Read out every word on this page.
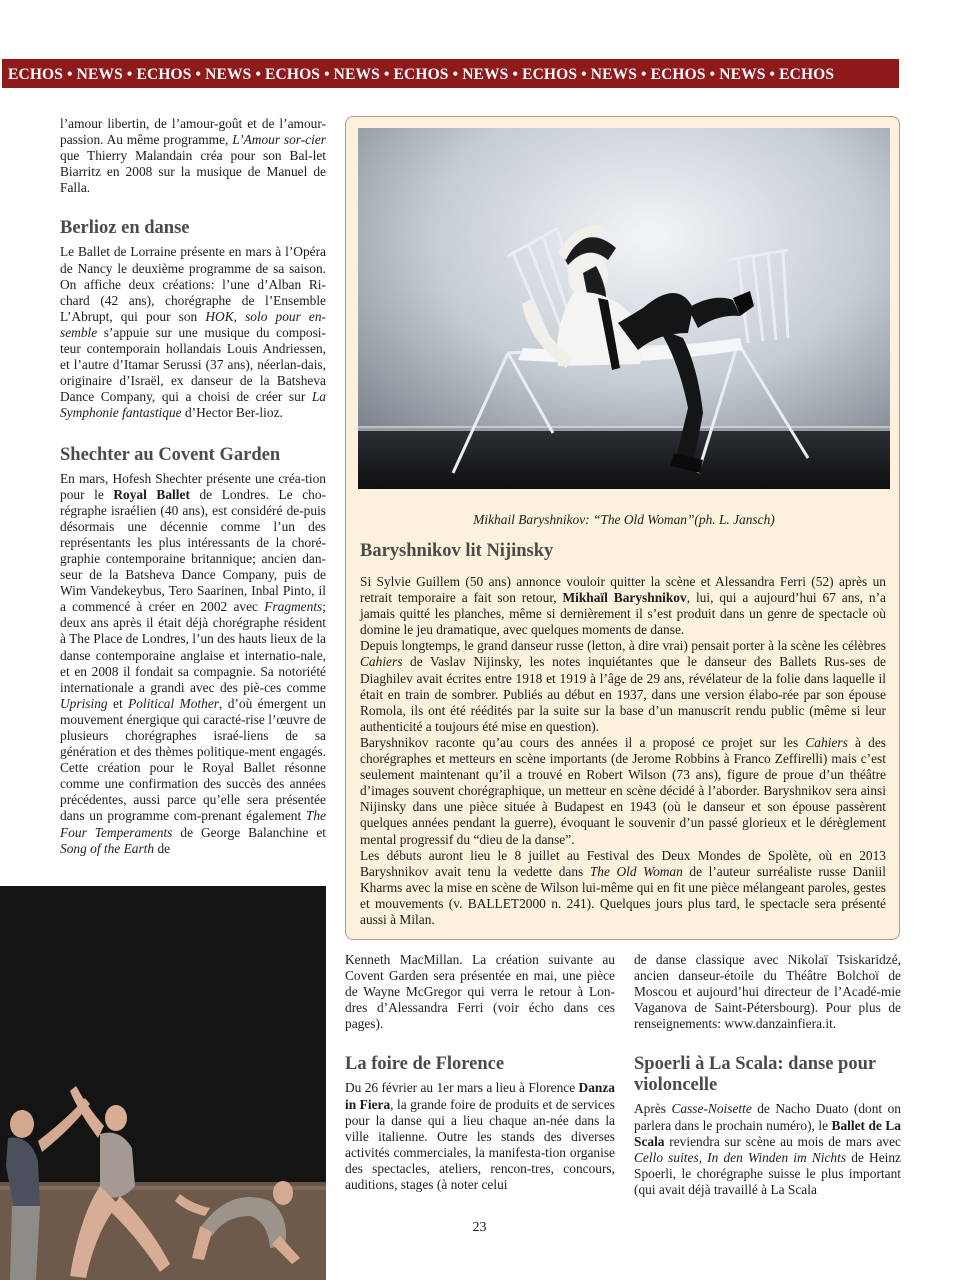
ECHOS • NEWS • ECHOS • NEWS • ECHOS • NEWS • ECHOS • NEWS • ECHOS • NEWS • ECHOS • NEWS • ECHOS

l’amour libertin, de l’amour-goût et de l’amour-passion. Au même programme, L’Amour sor-cier que Thierry Malandain créa pour son Bal-let Biarritz en 2008 sur la musique de Manuel de Falla.

Berlioz en danse

Le Ballet de Lorraine présente en mars à l’Opéra de Nancy le deuxième programme de sa saison. On affiche deux créations: l’une d’Alban Ri-chard (42 ans), chorégraphe de l’Ensemble L’Abrupt, qui pour son HOK, solo pour en-semble s’appuie sur une musique du composi-teur contemporain hollandais Louis Andriessen, et l’autre d’Itamar Serussi (37 ans), néerlan-dais, originaire d’Israël, ex danseur de la Batsheva Dance Company, qui a choisi de créer sur La Symphonie fantastique d’Hector Ber-lioz.

Shechter au Covent Garden

En mars, Hofesh Shechter présente une créa-tion pour le Royal Ballet de Londres. Le cho-régraphe israélien (40 ans), est considéré de-puis désormais une décennie comme l’un des représentants les plus intéressants de la choré-graphie contemporaine britannique; ancien dan-seur de la Batsheva Dance Company, puis de Wim Vandekeybus, Tero Saarinen, Inbal Pinto, il a commencé à créer en 2002 avec Fragments; deux ans après il était déjà chorégraphe résident à The Place de Londres, l’un des hauts lieux de la danse contemporaine anglaise et internatio-nale, et en 2008 il fondait sa compagnie. Sa notoriété internationale a grandi avec des piè-ces comme Uprising et Political Mother, d’où émergent un mouvement énergique qui caracté-rise l’œuvre de plusieurs chorégraphes israé-liens de sa génération et des thèmes politique-ment engagés. Cette création pour le Royal Ballet résonne comme une confirmation des succès des années précédentes, aussi parce qu’elle sera présentée dans un programme com-prenant également The Four Temperaments de George Balanchine et Song of the Earth de

Mikhail Baryshnikov: “The Old Woman”(ph. L. Jansch)
Baryshnikov lit Nijinsky

Si Sylvie Guillem (50 ans) annonce vouloir quitter la scène et Alessandra Ferri (52) après un retrait temporaire a fait son retour, Mikhaïl Baryshnikov, lui, qui a aujourd’hui 67 ans, n’a jamais quitté les planches, même si dernièrement il s’est produit dans un genre de spectacle où domine le jeu dramatique, avec quelques moments de danse.

Depuis longtemps, le grand danseur russe (letton, à dire vrai) pensait porter à la scène les célèbres Cahiers de Vaslav Nijinsky, les notes inquiétantes que le danseur des Ballets Rus-ses de Diaghilev avait écrites entre 1918 et 1919 à l’âge de 29 ans, révélateur de la folie dans laquelle il était en train de sombrer. Publiés au début en 1937, dans une version élabo-rée par son épouse Romola, ils ont été réédités par la suite sur la base d’un manuscrit rendu public (même si leur authenticité a toujours été mise en question).

Baryshnikov raconte qu’au cours des années il a proposé ce projet sur les Cahiers à des chorégraphes et metteurs en scène importants (de Jerome Robbins à Franco Zeffirelli) mais c’est seulement maintenant qu’il a trouvé en Robert Wilson (73 ans), figure de proue d’un théâtre d’images souvent chorégraphique, un metteur en scène décidé à l’aborder. Baryshnikov sera ainsi Nijinsky dans une pièce située à Budapest en 1943 (où le danseur et son épouse passèrent quelques années pendant la guerre), évoquant le souvenir d’un passé glorieux et le dérèglement mental progressif du “dieu de la danse”.

Les débuts auront lieu le 8 juillet au Festival des Deux Mondes de Spolète, où en 2013 Baryshnikov avait tenu la vedette dans The Old Woman de l’auteur surréaliste russe Daniil Kharms avec la mise en scène de Wilson lui-même qui en fit une pièce mélangeant paroles, gestes et mouvements (v. BALLET2000 n. 241). Quelques jours plus tard, le spectacle sera présenté aussi à Milan.

Kenneth MacMillan. La création suivante au Covent Garden sera présentée en mai, une pièce de Wayne McGregor qui verra le retour à Lon-dres d’Alessandra Ferri (voir écho dans ces pages).

La foire de Florence

Du 26 février au 1er mars a lieu à Florence Danza in Fiera, la grande foire de produits et de services pour la danse qui a lieu chaque an-née dans la ville italienne. Outre les stands des diverses activités commerciales, la manifesta-tion organise des spectacles, ateliers, rencon-tres, concours, auditions, stages (à noter celui

de danse classique avec Nikolaï Tsiskaridzé, ancien danseur-étoile du Théâtre Bolchoï de Moscou et aujourd’hui directeur de l’Acadé-mie Vaganova de Saint-Pétersbourg). Pour plus de renseignements: www.danzainfiera.it.

Spoerli à La Scala: danse pour violoncelle

Après Casse-Noisette de Nacho Duato (dont on parlera dans le prochain numéro), le Ballet de La Scala reviendra sur scène au mois de mars avec Cello suites, In den Winden im Nichts de Heinz Spoerli, le chorégraphe suisse le plus important (qui avait déjà travaillé à La Scala

23
